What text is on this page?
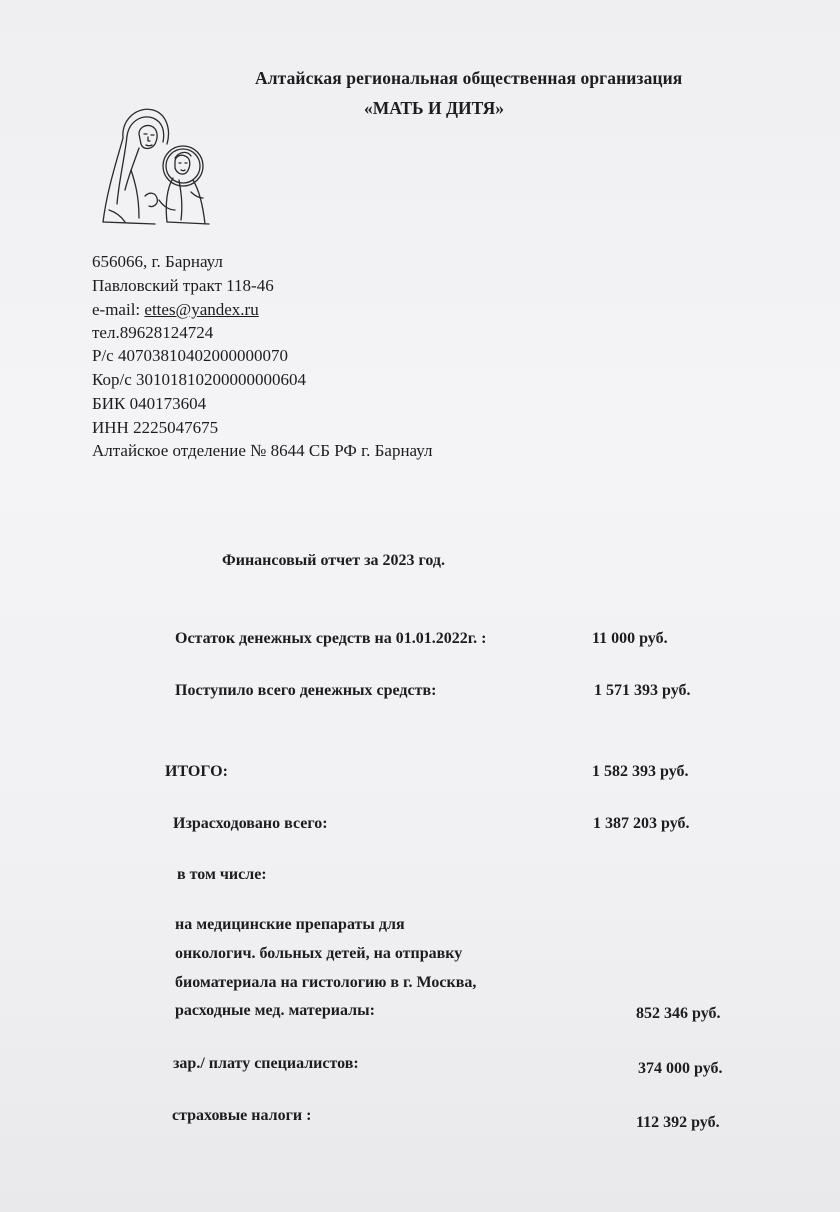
Алтайская региональная общественная организация
«МАТЬ И ДИТЯ»
656066, г. Барнаул
Павловский тракт 118-46
e-mail: ettes@yandex.ru
тел.89628124724
Р/с 40703810402000000070
Кор/с 30101810200000000604
БИК 040173604
ИНН 2225047675
Алтайское отделение № 8644 СБ РФ г. Барнаул
Финансовый отчет за 2023 год.
Остаток денежных средств на 01.01.2022г. :	11 000 руб.
Поступило всего денежных средств:	1 571 393 руб.
ИТОГО:	1 582 393 руб.
Израсходовано всего:	1 387 203 руб.
в том числе:
на медицинские препараты для
онкологич. больных детей, на отправку
биоматериала на гистологию в г. Москва,
расходные мед. материалы:	852 346 руб.
зар./ плату специалистов:	374 000 руб.
страховые налоги :	112 392 руб.
